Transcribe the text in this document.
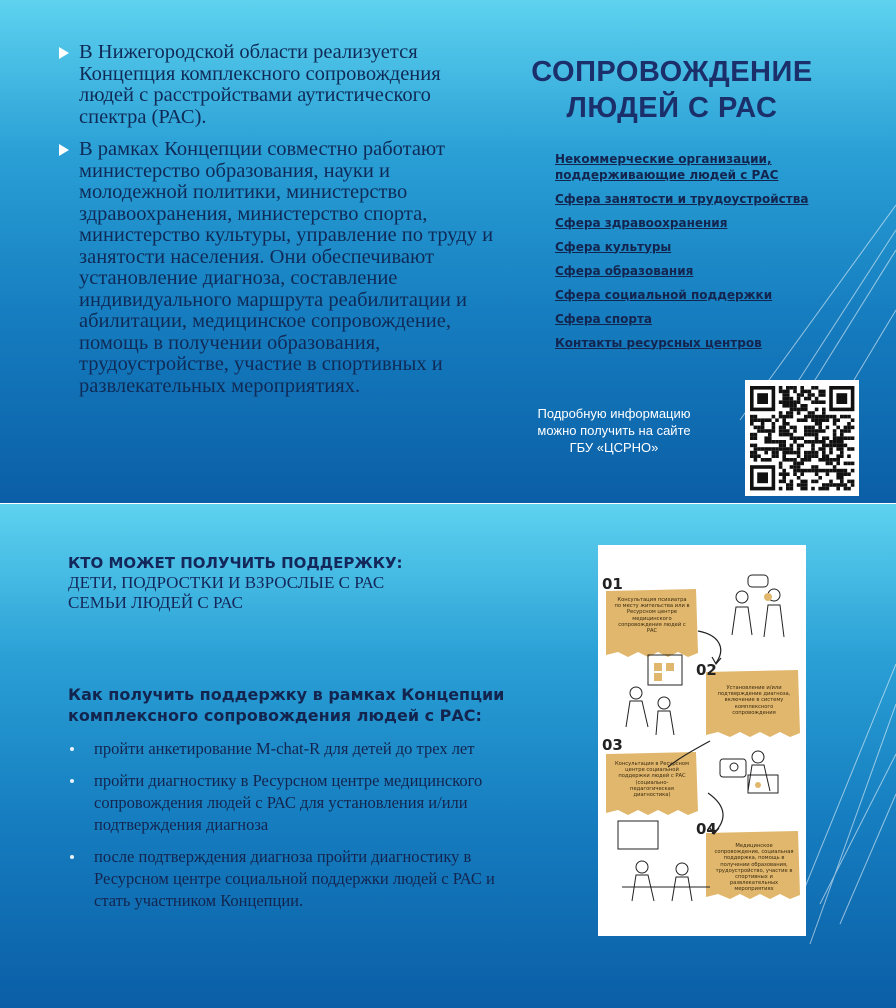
В Нижегородской области реализуется Концепция комплексного сопровождения людей с расстройствами аутистического спектра (РАС).
В рамках Концепции совместно работают министерство образования, науки и молодежной политики, министерство здравоохранения, министерство спорта, министерство культуры, управление по труду и занятости населения. Они обеспечивают установление диагноза, составление индивидуального маршрута реабилитации и абилитации, медицинское сопровождение, помощь в получении образования, трудоустройстве, участие в спортивных и развлекательных мероприятиях.
СОПРОВОЖДЕНИЕ
ЛЮДЕЙ С РАС
Некоммерческие организации, поддерживающие людей с РАС
Сфера занятости и трудоустройства
Сфера здравоохранения
Сфера культуры
Сфера образования
Сфера социальной поддержки
Сфера спорта
Контакты ресурсных центров
Подробную информацию
можно получить на сайте
ГБУ «ЦСРНО»
КТО МОЖЕТ ПОЛУЧИТЬ ПОДДЕРЖКУ:
ДЕТИ, ПОДРОСТКИ И ВЗРОСЛЫЕ С РАС
СЕМЬИ ЛЮДЕЙ С РАС
Как получить поддержку в рамках Концепции комплексного сопровождения людей с РАС:
пройти анкетирование M-chat-R для детей до трех лет
пройти диагностику в Ресурсном центре медицинского сопровождения людей с РАС для установления и/или подтверждения диагноза
после подтверждения диагноза пройти диагностику в Ресурсном центре социальной поддержки людей с РАС и стать участником Концепции.
01
Консультация психиатра по месту жительства или в Ресурсном центре медицинского сопровождения людей с РАС
02
Установление и/или подтверждение диагноза, включение в систему комплексного сопровождения
03
Консультация в Ресурсном центре социальной поддержки людей с РАС (социально-педагогическая диагностика)
04
Медицинское сопровождение, социальная поддержка, помощь в получении образования, трудоустройство, участие в спортивных и развлекательных мероприятиях
